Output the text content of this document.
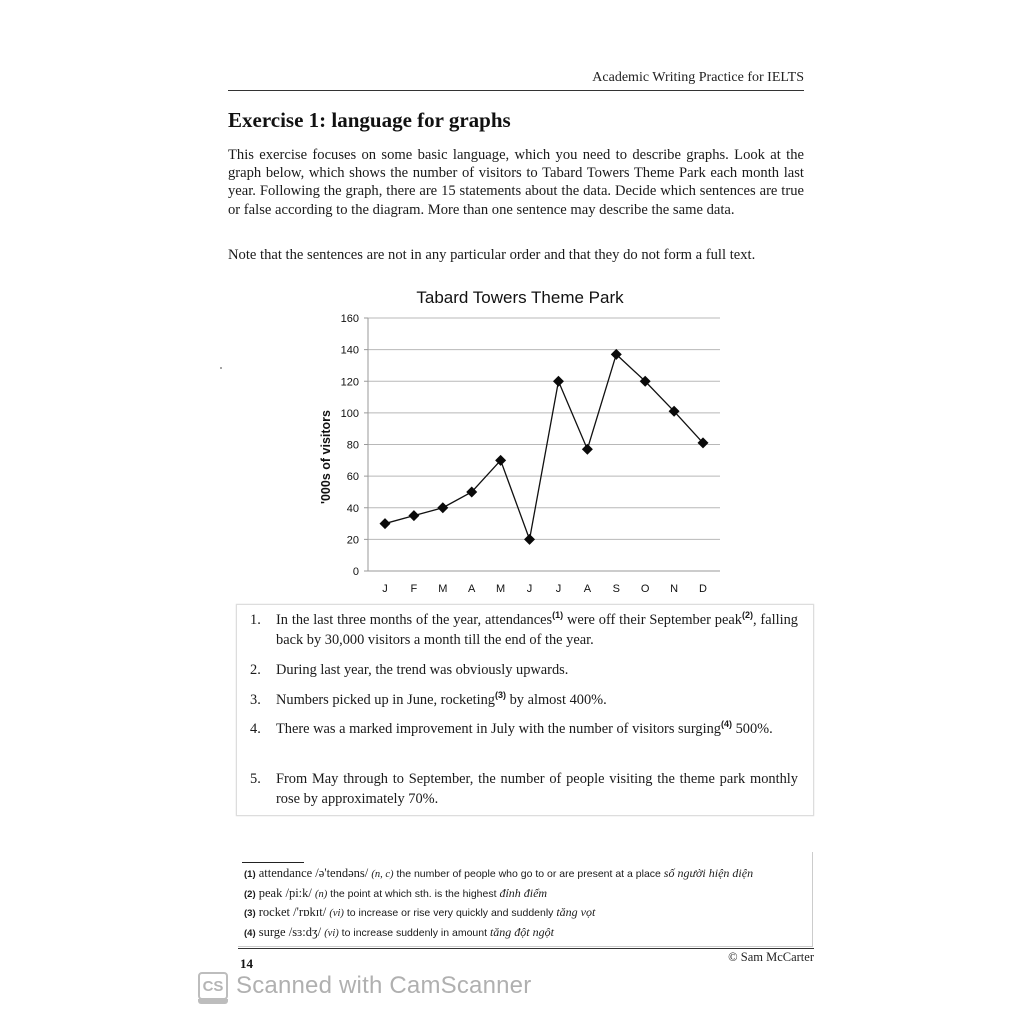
Academic Writing Practice for IELTS
Exercise 1: language for graphs
This exercise focuses on some basic language, which you need to describe graphs. Look at the graph below, which shows the number of visitors to Tabard Towers Theme Park each month last year. Following the graph, there are 15 statements about the data. Decide which sentences are true or false according to the diagram. More than one sentence may describe the same data.
Note that the sentences are not in any particular order and that they do not form a full text.
Tabard Towers Theme Park
0
20
40
60
80
100
120
140
160
J F M A M J J A S O N D
'000s of visitors
1.	In the last three months of the year, attendances$^{(1)}$ were off their September peak$^{(2)}$, falling back by 30,000 visitors a month till the end of the year.
2.	During last year, the trend was obviously upwards.
3.	Numbers picked up in June, rocketing$^{(3)}$ by almost 400%.
4.	There was a marked improvement in July with the number of visitors surging$^{(4)}$ 500%.
5.	From May through to September, the number of people visiting the theme park monthly rose by approximately 70%.
(1) attendance /ə'tendəns/ (n, c) the number of people who go to or are present at a place số người hiện diện
(2) peak /pi:k/ (n) the point at which sth. is the highest đỉnh điểm
(3) rocket /'rɒkɪt/ (vi) to increase or rise very quickly and suddenly tăng vọt
(4) surge /sɜ:dʒ/ (vi) to increase suddenly in amount tăng đột ngột
14	© Sam McCarter
CS Scanned with CamScanner
